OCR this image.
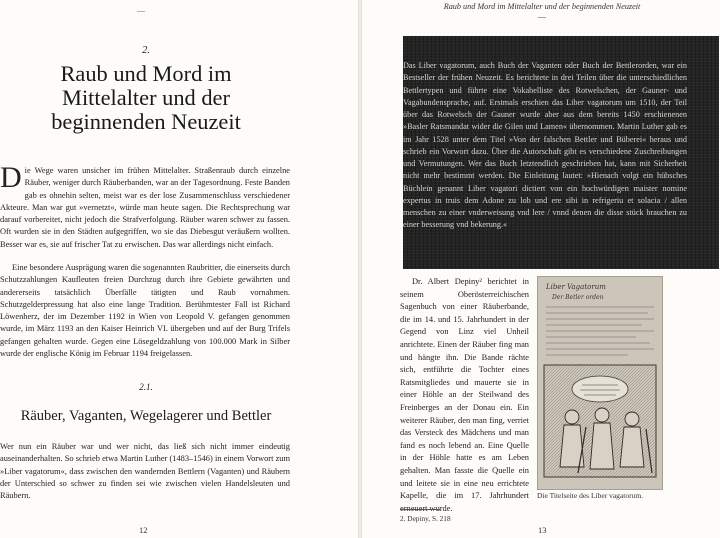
—
2.
Raub und Mord im Mittelalter und der beginnenden Neuzeit
Die Wege waren unsicher im frühen Mittelalter. Straßenraub durch einzelne Räuber, weniger durch Räuberbanden, war an der Tagesordnung. Feste Banden gab es ohnehin selten, meist war es der lose Zusammenschluss verschiedener Akteure. Man war gut »vernetzt«, würde man heute sagen. Die Rechtsprechung war darauf vorbereitet, nicht jedoch die Strafverfolgung. Räuber waren schwer zu fassen. Oft wurden sie in den Städten aufgegriffen, wo sie das Diebesgut veräußern wollten. Besser war es, sie auf frischer Tat zu erwischen. Das war allerdings nicht einfach.
Eine besondere Ausprägung waren die sogenannten Raubritter, die einerseits durch Schutzzahlungen Kaufleuten freien Durchzug durch ihre Gebiete gewährten und andererseits tatsächlich Überfälle tätigten und Raub vornahmen. Schutzgelderpressung hat also eine lange Tradition. Berühmtester Fall ist Richard Löwenherz, der im Dezember 1192 in Wien von Leopold V. gefangen genommen wurde, im März 1193 an den Kaiser Heinrich VI. übergeben und auf der Burg Trifels gefangen gehalten wurde. Gegen eine Lösegeldzahlung von 100.000 Mark in Silber wurde der englische König im Februar 1194 freigelassen.
2.1.
Räuber, Vaganten, Wegelagerer und Bettler
Wer nun ein Räuber war und wer nicht, das ließ sich nicht immer eindeutig auseinanderhalten. So schrieb etwa Martin Luther (1483–1546) in einem Vorwort zum »Liber vagatorum«, dass zwischen den wandernden Bettlern (Vaganten) und Räubern der Unterschied so schwer zu finden sei wie zwischen vielen Handelsleuten und Räubern.
12
Raub und Mord im Mittelalter und der beginnenden Neuzeit
—
Das Liber vagatorum, auch Buch der Vaganten oder Buch der Bettlerorden, war ein Bestseller der frühen Neuzeit. Es berichtete in drei Teilen über die unterschiedlichen Bettlertypen und führte eine Vokabelliste des Rotwelschen, der Gauner- und Vagabundensprache, auf. Erstmals erschien das Liber vagatorum um 1510, der Teil über das Rotwelsch der Gauner wurde aber aus dem bereits 1450 erschienenen »Basler Ratsmandat wider die Gilen und Lamen« übernommen. Martin Luther gab es im Jahr 1528 unter dem Titel »Von der falschen Bettler und Büberei« heraus und schrieb ein Vorwort dazu. Über die Autorschaft gibt es verschiedene Zuschreibungen und Vermutungen. Wer das Buch letztendlich geschrieben hat, kann mit Sicherheit nicht mehr bestimmt werden. Die Einleitung lautet: »Hienach volgt ein hübsches Büchlein genannt Liber vagatori dictiert von ein hochwürdigen maister nomine expertus in truis dem Adone zu lob und ere sibi in refrigeriu et solacia / allen menschen zu einer vnderweisung vnd lere / vnnd denen die disse stück brauchen zu einer besserung vnd bekerung.«
Dr. Albert Depiny² berichtet in seinem Oberösterreichischen Sagenbuch von einer Räuberbande, die im 14. und 15. Jahrhundert in der Gegend von Linz viel Unheil anrichtete. Einen der Räuber fing man und hängte ihn. Die Bande rächte sich, entführte die Tochter eines Ratsmitgliedes und mauerte sie in einer Höhle an der Steilwand des Freinberges an der Donau ein. Ein weiterer Räuber, den man fing, verriet das Versteck des Mädchens und man fand es noch lebend an. Eine Quelle in der Höhle hatte es am Leben gehalten. Man fasste die Quelle ein und leitete sie in eine neu errichtete Kapelle, die im 17. Jahrhundert erneuert wurde.
Liber Vagatorum
Der Betler orden
Die Titelseite des Liber vagatorum.
2. Depiny, S. 218
13
